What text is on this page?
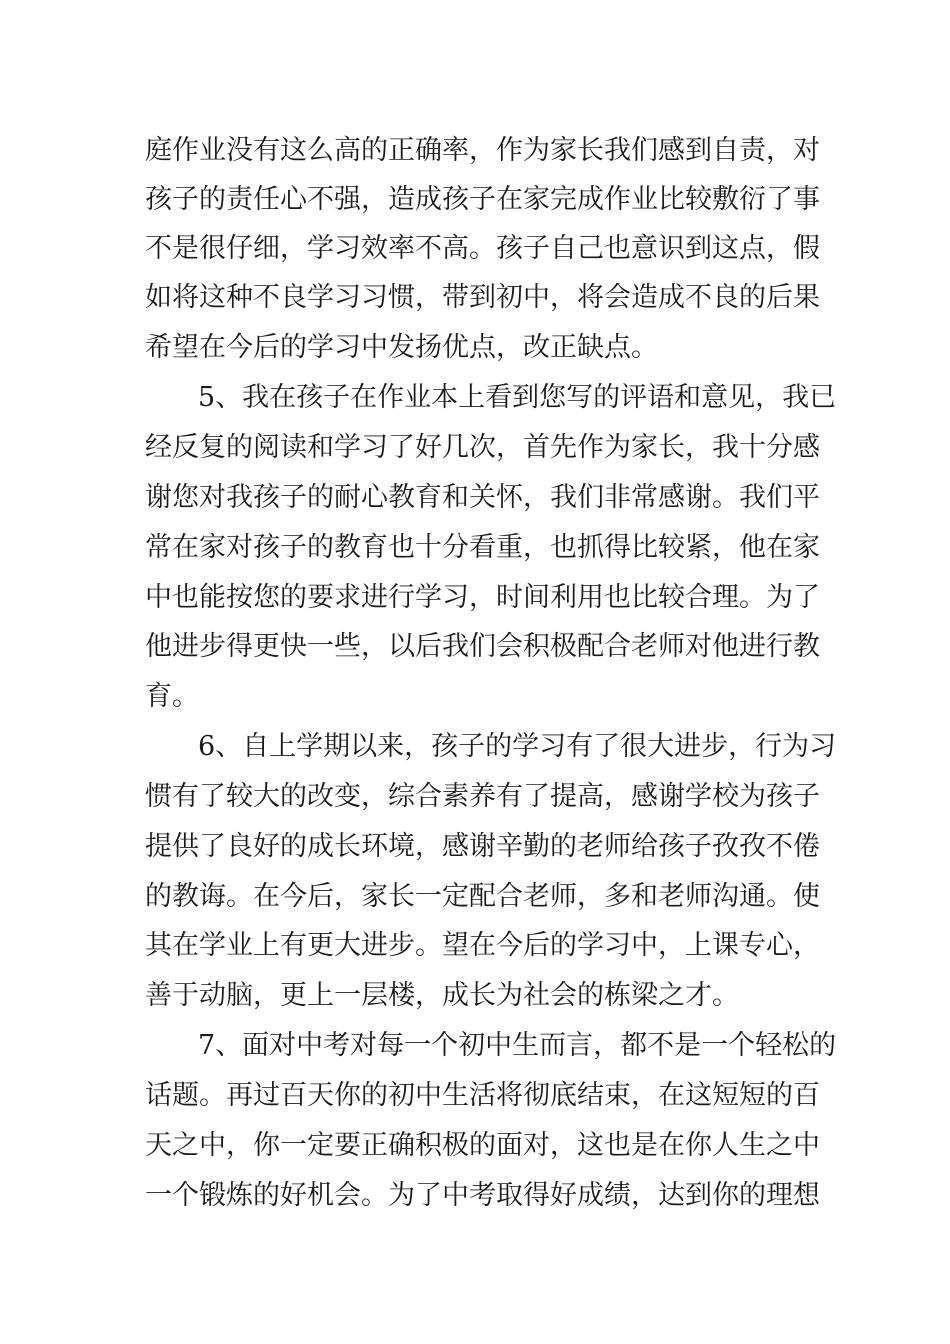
庭作业没有这么高的正确率，作为家长我们感到自责，对
孩子的责任心不强，造成孩子在家完成作业比较敷衍了事
不是很仔细，学习效率不高。孩子自己也意识到这点，假
如将这种不良学习习惯，带到初中，将会造成不良的后果
希望在今后的学习中发扬优点，改正缺点。
5、我在孩子在作业本上看到您写的评语和意见，我已
经反复的阅读和学习了好几次，首先作为家长，我十分感
谢您对我孩子的耐心教育和关怀，我们非常感谢。我们平
常在家对孩子的教育也十分看重，也抓得比较紧，他在家
中也能按您的要求进行学习，时间利用也比较合理。为了
他进步得更快一些，以后我们会积极配合老师对他进行教
育。
6、自上学期以来，孩子的学习有了很大进步，行为习
惯有了较大的改变，综合素养有了提高，感谢学校为孩子
提供了良好的成长环境，感谢辛勤的老师给孩子孜孜不倦
的教诲。在今后，家长一定配合老师，多和老师沟通。使
其在学业上有更大进步。望在今后的学习中，上课专心，
善于动脑，更上一层楼，成长为社会的栋梁之才。
7、面对中考对每一个初中生而言，都不是一个轻松的
话题。再过百天你的初中生活将彻底结束，在这短短的百
天之中，你一定要正确积极的面对，这也是在你人生之中
一个锻炼的好机会。为了中考取得好成绩，达到你的理想
